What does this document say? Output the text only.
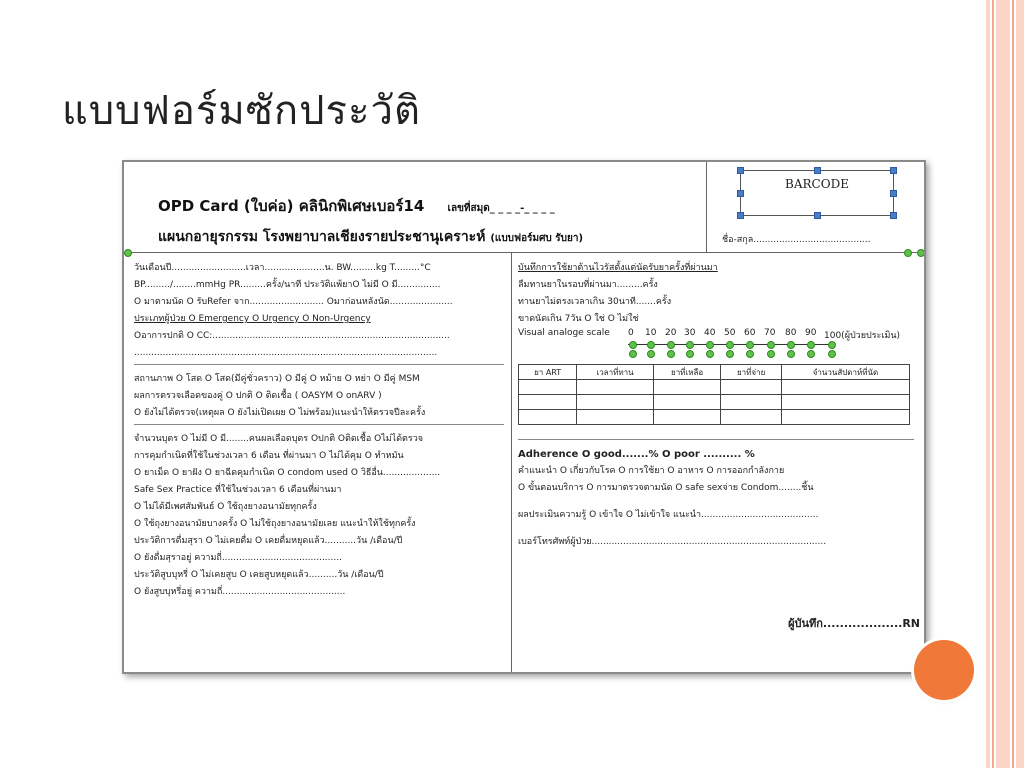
แบบฟอร์มซักประวัติ
OPD Card (ใบค่อ) คลินิกพิเศษเบอร์14 เลขที่สมุด_ _ _ _-_ _ _ _
แผนกอายุรกรรม โรงพยาบาลเชียงรายประชานุเคราะห์ (แบบฟอร์มศบ รับยา)
BARCODE
ชื่อ-สกุล.........................................
วันเดือนปี..........................เวลา.....................น. BW.........kg T.........°C
BP........./........mmHg PR.........ครั้ง/นาที ประวัติแพ้ยาO ไม่มี O มี...............
O มาตามนัด O รับRefer จาก.......................... Oมาก่อนหลังนัด......................
ประเภทผู้ป่วย O Emergency O Urgency O Non-Urgency
Oอาการปกติ O CC:...................................................................................
..........................................................................................................
สถานภาพ O โสด O โสด(มีคู่ชั่วคราว) O มีคู่ O หม้าย O หย่า O มีคู่ MSM
ผลการตรวจเลือดของคู่ O ปกติ O ติดเชื้อ ( OASYM O onARV )
O ยังไม่ได้ตรวจ(เหตุผล O ยังไม่เปิดเผย O ไม่พร้อม)แนะนำให้ตรวจปีละครั้ง
จำนวนบุตร O ไม่มี O มี........คนผลเลือดบุตร Oปกติ Oติดเชื้อ Oไม่ได้ตรวจ
การคุมกำเนิดที่ใช้ในช่วงเวลา 6 เดือน ที่ผ่านมา O ไม่ได้คุม O ทำหมัน
O ยาเม็ด O ยาฝัง O ยาฉีดคุมกำเนิด O condom used O วิธีอื่น....................
Safe Sex Practice ที่ใช้ในช่วงเวลา 6 เดือนที่ผ่านมา
O ไม่ได้มีเพศสัมพันธ์ O ใช้ถุงยางอนามัยทุกครั้ง
O ใช้ถุงยางอนามัยบางครั้ง O ไม่ใช้ถุงยางอนามัยเลย แนะนำให้ใช้ทุกครั้ง
ประวัติการดื่มสุรา O ไม่เคยดื่ม O เคยดื่มหยุดแล้ว...........วัน /เดือน/ปี
O ยังดื่มสุราอยู่ ความถี่..........................................
ประวัติสูบบุหรี่ O ไม่เคยสูบ O เคยสูบหยุดแล้ว..........วัน /เดือน/ปี
O ยังสูบบุหรี่อยู่ ความถี่...........................................
บันทึกการใช้ยาต้านไวรัสตั้งแต่นัดรับยาครั้งที่ผ่านมา
ลืมทานยาในรอบที่ผ่านมา.........ครั้ง
ทานยาไม่ตรงเวลาเกิน 30นาที.......ครั้ง
ขาดนัดเกิน 7วัน O ใช่ O ไม่ใช่
Visual analoge scale 0 10 20 30 40 50 60 70 80 90 100(ผู้ป่วยประเมิน)
ยา ART	เวลาที่ทาน	ยาที่เหลือ	ยาที่จ่าย	จำนวนสัปดาห์ที่นัด

Adherence O good.......% O poor .......... %
คำแนะนำ O เกี่ยวกับโรค O การใช้ยา O อาหาร O การออกกำลังกาย
O ขั้นตอนบริการ O การมาตรวจตามนัด O safe sexจ่าย Condom........ชิ้น
ผลประเมินความรู้ O เข้าใจ O ไม่เข้าใจ แนะนำ.........................................
เบอร์โทรศัพท์ผู้ป่วย..................................................................................
ผู้บันทึก...................RN
